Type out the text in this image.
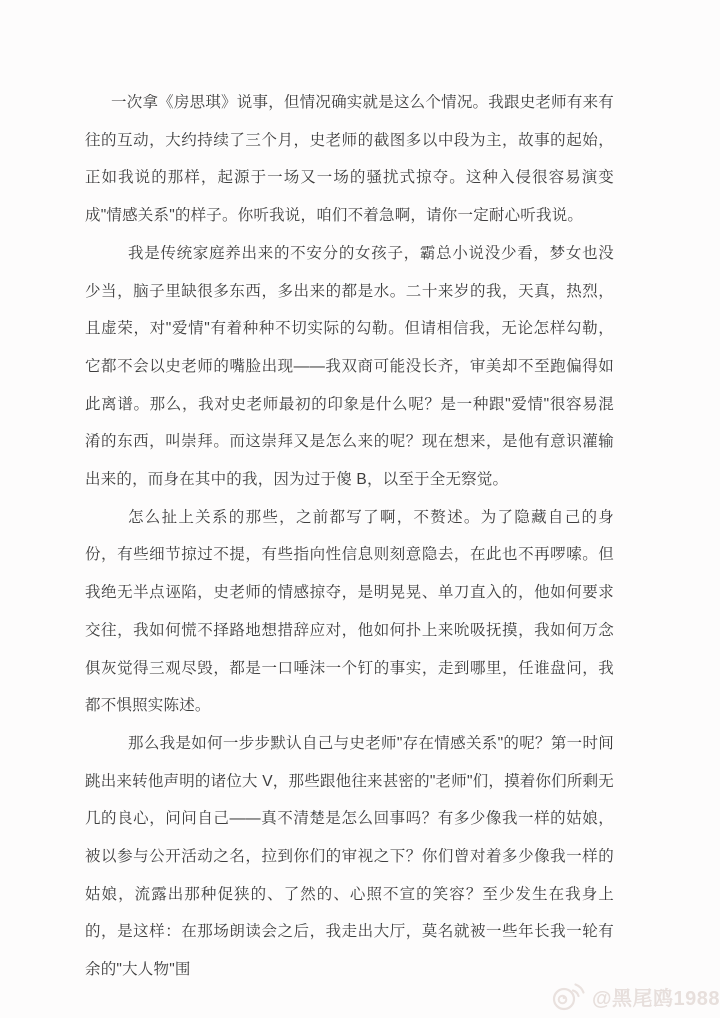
一次拿《房思琪》说事，但情况确实就是这么个情况。我跟史老师有来有往的互动，大约持续了三个月，史老师的截图多以中段为主，故事的起始，正如我说的那样，起源于一场又一场的骚扰式掠夺。这种入侵很容易演变成"情感关系"的样子。你听我说，咱们不着急啊，请你一定耐心听我说。

我是传统家庭养出来的不安分的女孩子，霸总小说没少看，梦女也没少当，脑子里缺很多东西，多出来的都是水。二十来岁的我，天真，热烈，且虚荣，对"爱情"有着种种不切实际的勾勒。但请相信我，无论怎样勾勒，它都不会以史老师的嘴脸出现——我双商可能没长齐，审美却不至跑偏得如此离谱。那么，我对史老师最初的印象是什么呢？是一种跟"爱情"很容易混淆的东西，叫崇拜。而这崇拜又是怎么来的呢？现在想来，是他有意识灌输出来的，而身在其中的我，因为过于傻 B，以至于全无察觉。

怎么扯上关系的那些，之前都写了啊，不赘述。为了隐藏自己的身份，有些细节掠过不提，有些指向性信息则刻意隐去，在此也不再啰嗦。但我绝无半点诬陷，史老师的情感掠夺，是明晃晃、单刀直入的，他如何要求交往，我如何慌不择路地想措辞应对，他如何扑上来吮吸抚摸，我如何万念俱灰觉得三观尽毁，都是一口唾沫一个钉的事实，走到哪里，任谁盘问，我都不惧照实陈述。

那么我是如何一步步默认自己与史老师"存在情感关系"的呢？第一时间跳出来转他声明的诸位大 V，那些跟他往来甚密的"老师"们，摸着你们所剩无几的良心，问问自己——真不清楚是怎么回事吗？有多少像我一样的姑娘，被以参与公开活动之名，拉到你们的审视之下？你们曾对着多少像我一样的姑娘，流露出那种促狭的、了然的、心照不宣的笑容？至少发生在我身上的，是这样：在那场朗读会之后，我走出大厅，莫名就被一些年长我一轮有余的"大人物"围

@黑尾鸥1988
